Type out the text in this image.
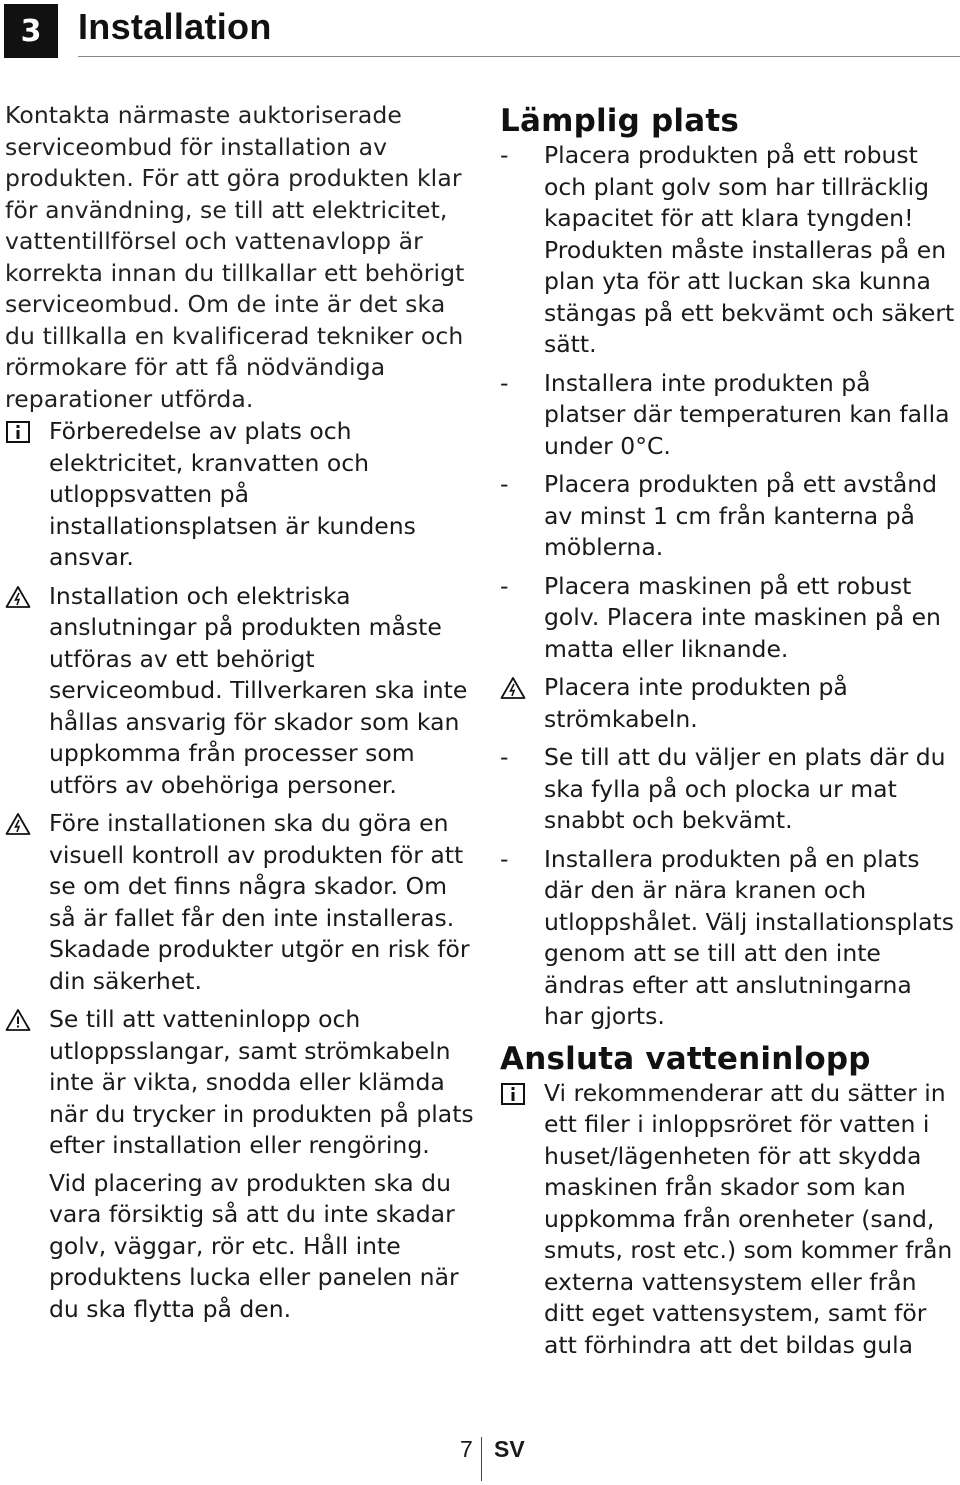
3	Installation

Kontakta närmaste auktoriserade serviceombud för installation av produkten. För att göra produkten klar för användning, se till att elektricitet, vattentillförsel och vattenavlopp är korrekta innan du tillkallar ett behörigt serviceombud. Om de inte är det ska du tillkalla en kvalificerad tekniker och rörmokare för att få nödvändiga reparationer utförda.

Förberedelse av plats och elektricitet, kranvatten och utloppsvatten på installationsplatsen är kundens ansvar.

Installation och elektriska anslutningar på produkten måste utföras av ett behörigt serviceombud. Tillverkaren ska inte hållas ansvarig för skador som kan uppkomma från processer som utförs av obehöriga personer.

Före installationen ska du göra en visuell kontroll av produkten för att se om det finns några skador. Om så är fallet får den inte installeras. Skadade produkter utgör en risk för din säkerhet.

Se till att vatteninlopp och utloppsslangar, samt strömkabeln inte är vikta, snodda eller klämda när du trycker in produkten på plats efter installation eller rengöring.

Vid placering av produkten ska du vara försiktig så att du inte skadar golv, väggar, rör etc. Håll inte produktens lucka eller panelen när du ska flytta på den.

Lämplig plats
- Placera produkten på ett robust och plant golv som har tillräcklig kapacitet för att klara tyngden! Produkten måste installeras på en plan yta för att luckan ska kunna stängas på ett bekvämt och säkert sätt.
- Installera inte produkten på platser där temperaturen kan falla under 0°C.
- Placera produkten på ett avstånd av minst 1 cm från kanterna på möblerna.
- Placera maskinen på ett robust golv. Placera inte maskinen på en matta eller liknande.

Placera inte produkten på strömkabeln.

- Se till att du väljer en plats där du ska fylla på och plocka ur mat snabbt och bekvämt.
- Installera produkten på en plats där den är nära kranen och utloppshålet. Välj installationsplats genom att se till att den inte ändras efter att anslutningarna har gjorts.
Ansluta vatteninlopp

Vi rekommenderar att du sätter in ett filer i inloppsröret för vatten i huset/lägenheten för att skydda maskinen från skador som kan uppkomma från orenheter (sand, smuts, rost etc.) som kommer från externa vattensystem eller från ditt eget vattensystem, samt för att förhindra att det bildas gula

7 SV
